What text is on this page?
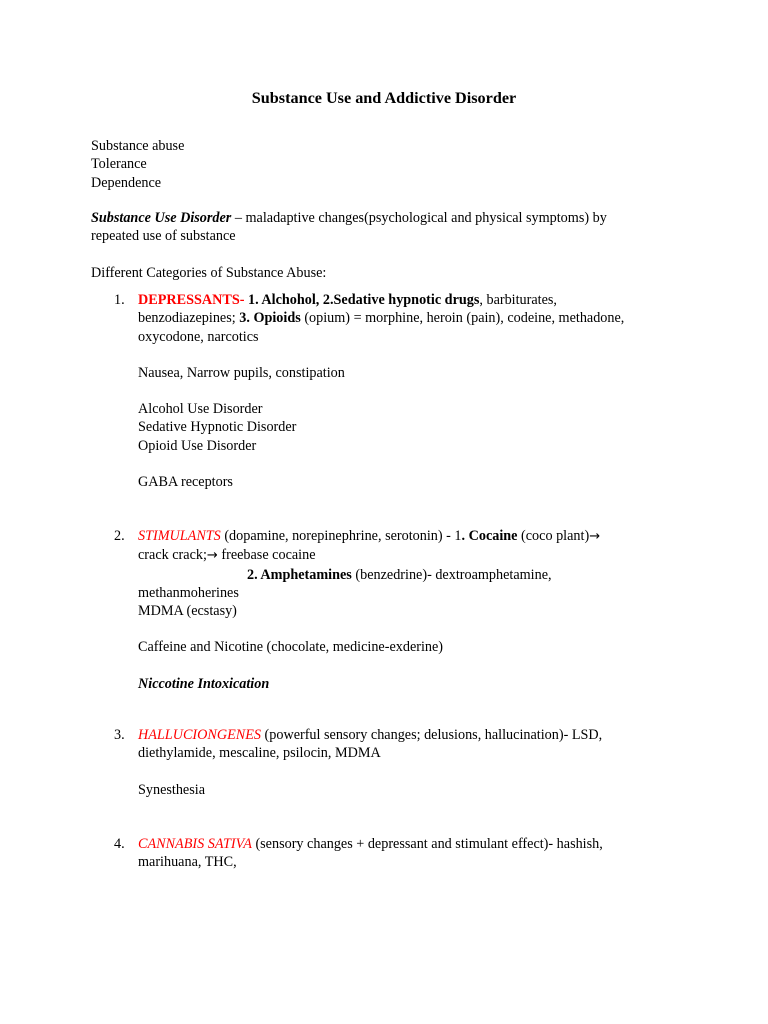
Substance Use and Addictive Disorder
Substance abuse
Tolerance
Dependence
Substance Use Disorder – maladaptive changes(psychological and physical symptoms) by
repeated use of substance
Different Categories of Substance Abuse:
1. DEPRESSANTS- 1. Alchohol, 2.Sedative hypnotic drugs, barbiturates,
benzodiazepines; 3. Opioids (opium) = morphine, heroin (pain), codeine, methadone,
oxycodone, narcotics
Nausea, Narrow pupils, constipation
Alcohol Use Disorder
Sedative Hypnotic Disorder
Opioid Use Disorder
GABA receptors
2. STIMULANTS (dopamine, norepinephrine, serotonin) - 1. Cocaine (coco plant)→
crack crack;→ freebase cocaine
2. Amphetamines (benzedrine)- dextroamphetamine,
methanmoherines
MDMA (ecstasy)
Caffeine and Nicotine (chocolate, medicine-exderine)
Niccotine Intoxication
3. HALLUCIONGENES (powerful sensory changes; delusions, hallucination)- LSD,
diethylamide, mescaline, psilocin, MDMA
Synesthesia
4. CANNABIS SATIVA (sensory changes + depressant and stimulant effect)- hashish,
marihuana, THC,
